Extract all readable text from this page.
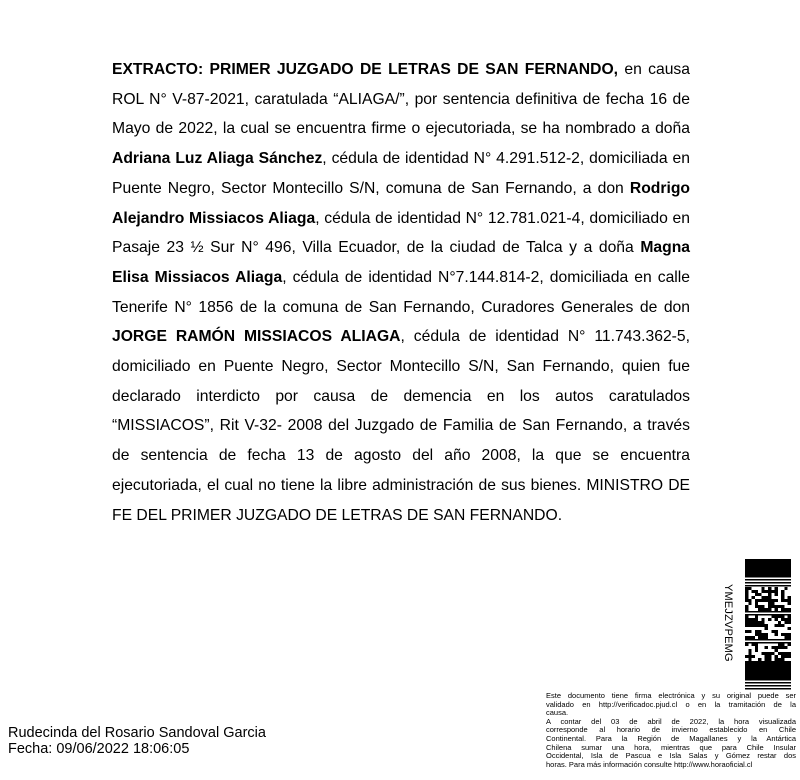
EXTRACTO: PRIMER JUZGADO DE LETRAS DE SAN FERNANDO, en causa
ROL N° V-87-2021, caratulada “ALIAGA/”, por sentencia definitiva de fecha 16 de
Mayo de 2022, la cual se encuentra firme o ejecutoriada, se ha nombrado a doña
Adriana Luz Aliaga Sánchez, cédula de identidad N° 4.291.512-2, domiciliada en
Puente Negro, Sector Montecillo S/N, comuna de San Fernando, a don Rodrigo
Alejandro Missiacos Aliaga, cédula de identidad N° 12.781.021-4, domiciliado en
Pasaje 23 ½ Sur N° 496, Villa Ecuador, de la ciudad de Talca y a doña Magna
Elisa Missiacos Aliaga, cédula de identidad N°7.144.814-2, domiciliada en calle
Tenerife N° 1856 de la comuna de San Fernando, Curadores Generales de don
JORGE RAMÓN MISSIACOS ALIAGA, cédula de identidad N° 11.743.362-5,
domiciliado en Puente Negro, Sector Montecillo S/N, San Fernando, quien fue
declarado interdicto por causa de demencia en los autos caratulados
“MISSIACOS”, Rit V-32- 2008 del Juzgado de Familia de San Fernando, a través
de sentencia de fecha 13 de agosto del año 2008, la que se encuentra
ejecutoriada, el cual no tiene la libre administración de sus bienes. MINISTRO DE
FE DEL PRIMER JUZGADO DE LETRAS DE SAN FERNANDO.
YMEJZVPEMG
Rudecinda del Rosario Sandoval Garcia
Fecha: 09/06/2022 18:06:05
Este documento tiene firma electrónica y su original puede ser
validado en http://verificadoc.pjud.cl o en la tramitación de la
causa.
A contar del 03 de abril de 2022, la hora visualizada
corresponde al horario de invierno establecido en Chile
Continental. Para la Región de Magallanes y la Antártica
Chilena sumar una hora, mientras que para Chile Insular
Occidental, Isla de Pascua e Isla Salas y Gómez restar dos
horas. Para más información consulte http://www.horaoficial.cl
